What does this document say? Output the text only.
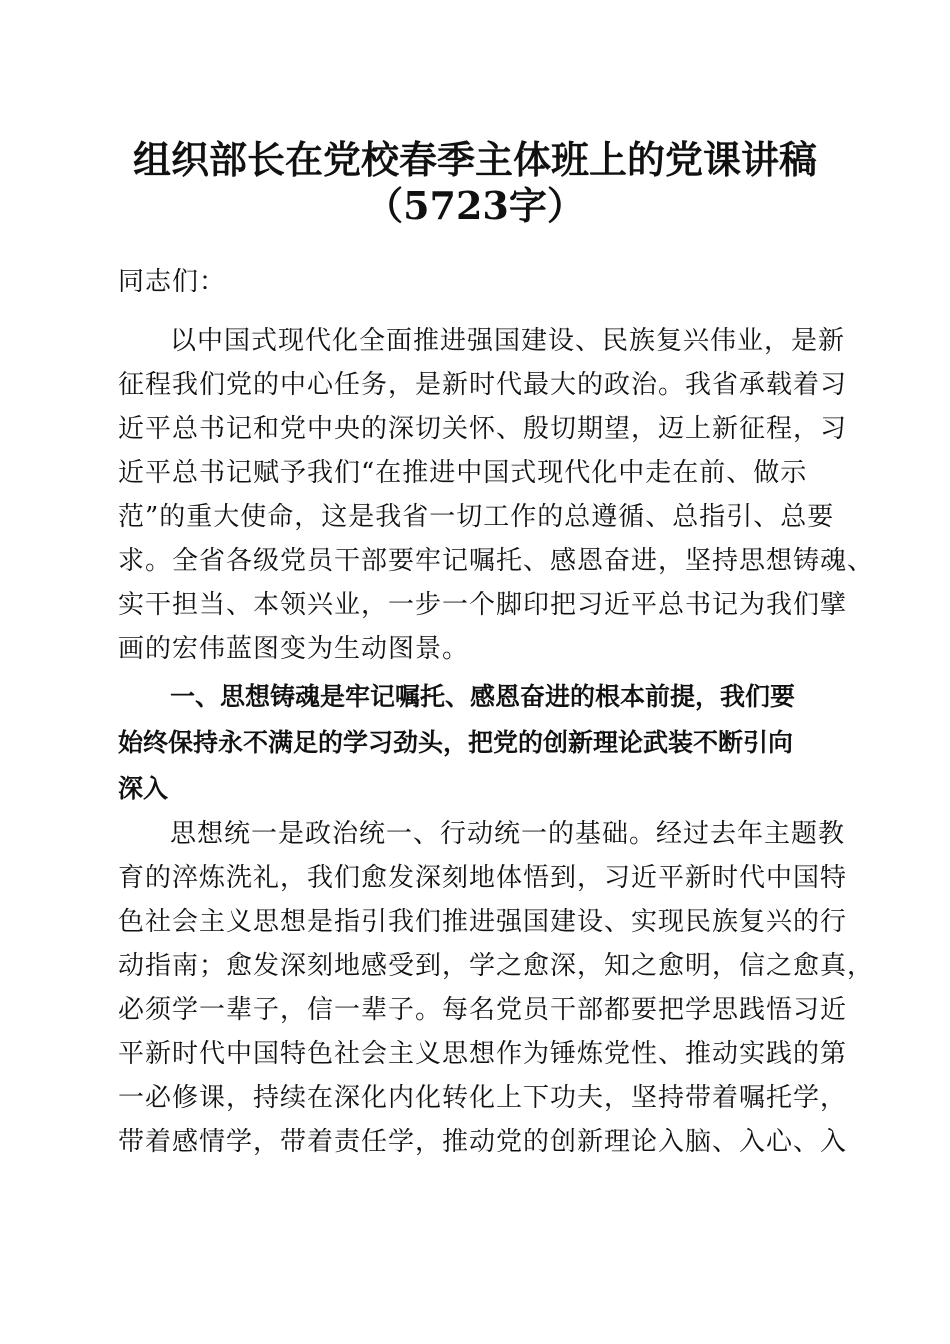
组织部长在党校春季主体班上的党课讲稿
（5723字）
同志们：
以中国式现代化全面推进强国建设、民族复兴伟业，是新
征程我们党的中心任务，是新时代最大的政治。我省承载着习
近平总书记和党中央的深切关怀、殷切期望，迈上新征程，习
近平总书记赋予我们“在推进中国式现代化中走在前、做示
范”的重大使命，这是我省一切工作的总遵循、总指引、总要
求。全省各级党员干部要牢记嘱托、感恩奋进，坚持思想铸魂、
实干担当、本领兴业，一步一个脚印把习近平总书记为我们擘
画的宏伟蓝图变为生动图景。
一、思想铸魂是牢记嘱托、感恩奋进的根本前提，我们要
始终保持永不满足的学习劲头，把党的创新理论武装不断引向
深入
思想统一是政治统一、行动统一的基础。经过去年主题教
育的淬炼洗礼，我们愈发深刻地体悟到，习近平新时代中国特
色社会主义思想是指引我们推进强国建设、实现民族复兴的行
动指南；愈发深刻地感受到，学之愈深，知之愈明，信之愈真，
必须学一辈子，信一辈子。每名党员干部都要把学思践悟习近
平新时代中国特色社会主义思想作为锤炼党性、推动实践的第
一必修课，持续在深化内化转化上下功夫，坚持带着嘱托学，
带着感情学，带着责任学，推动党的创新理论入脑、入心、入
